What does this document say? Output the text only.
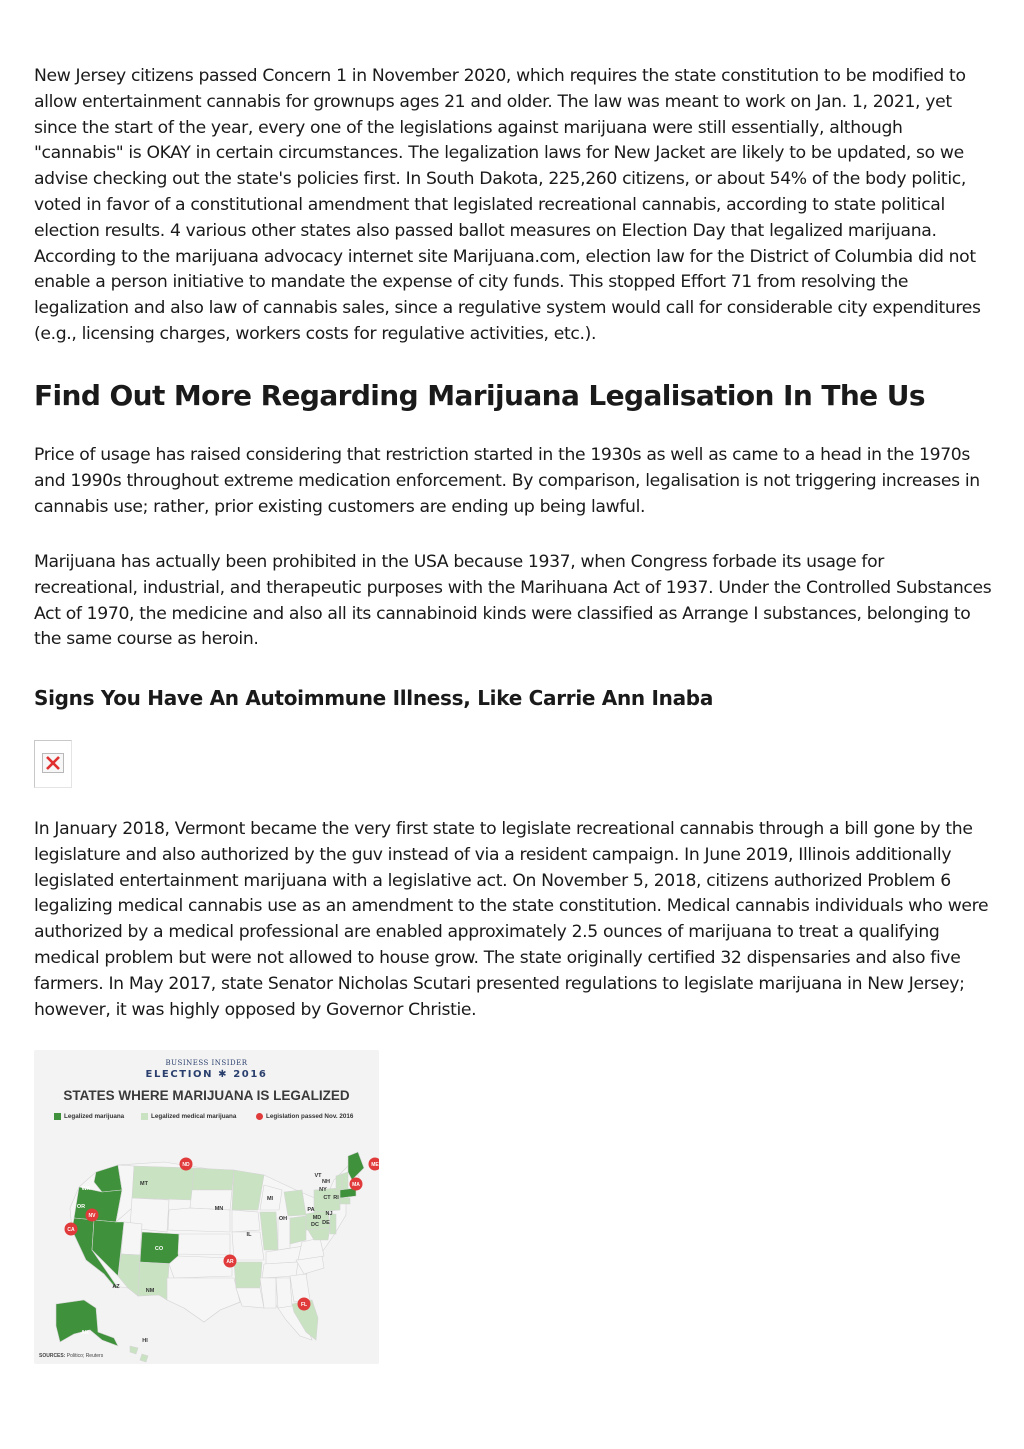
New Jersey citizens passed Concern 1 in November 2020, which requires the state constitution to be modified to allow entertainment cannabis for grownups ages 21 and older. The law was meant to work on Jan. 1, 2021, yet since the start of the year, every one of the legislations against marijuana were still essentially, although "cannabis" is OKAY in certain circumstances. The legalization laws for New Jacket are likely to be updated, so we advise checking out the state's policies first. In South Dakota, 225,260 citizens, or about 54% of the body politic, voted in favor of a constitutional amendment that legislated recreational cannabis, according to state political election results. 4 various other states also passed ballot measures on Election Day that legalized marijuana. According to the marijuana advocacy internet site Marijuana.com, election law for the District of Columbia did not enable a person initiative to mandate the expense of city funds. This stopped Effort 71 from resolving the legalization and also law of cannabis sales, since a regulative system would call for considerable city expenditures (e.g., licensing charges, workers costs for regulative activities, etc.).

Find Out More Regarding Marijuana Legalisation In The Us

Price of usage has raised considering that restriction started in the 1930s as well as came to a head in the 1970s and 1990s throughout extreme medication enforcement. By comparison, legalisation is not triggering increases in cannabis use; rather, prior existing customers are ending up being lawful.

Marijuana has actually been prohibited in the USA because 1937, when Congress forbade its usage for recreational, industrial, and therapeutic purposes with the Marihuana Act of 1937. Under the Controlled Substances Act of 1970, the medicine and also all its cannabinoid kinds were classified as Arrange I substances, belonging to the same course as heroin.

Signs You Have An Autoimmune Illness, Like Carrie Ann Inaba

In January 2018, Vermont became the very first state to legislate recreational cannabis through a bill gone by the legislature and also authorized by the guv instead of via a resident campaign. In June 2019, Illinois additionally legislated entertainment marijuana with a legislative act. On November 5, 2018, citizens authorized Problem 6 legalizing medical cannabis use as an amendment to the state constitution. Medical cannabis individuals who were authorized by a medical professional are enabled approximately 2.5 ounces of marijuana to treat a qualifying medical problem but were not allowed to house grow. The state originally certified 32 dispensaries and also five farmers. In May 2017, state Senator Nicholas Scutari presented regulations to legislate marijuana in New Jersey; however, it was highly opposed by Governor Christie.

BUSINESS INSIDER
ELECTION ✱ 2016
STATES WHERE MARIJUANA IS LEGALIZED
Legalized marijuana	Legalized medical marijuana	Legislation passed Nov. 2016
WA
OR
MT
MN
CO
AZ
NM
IL
MI
OH
PA
NJ
MD
DC DE
NY
VT
NH
CT RI
AK
HI
ND
CA
NV
AR
ME
MA
FL
SOURCES: Politico; Reuters
